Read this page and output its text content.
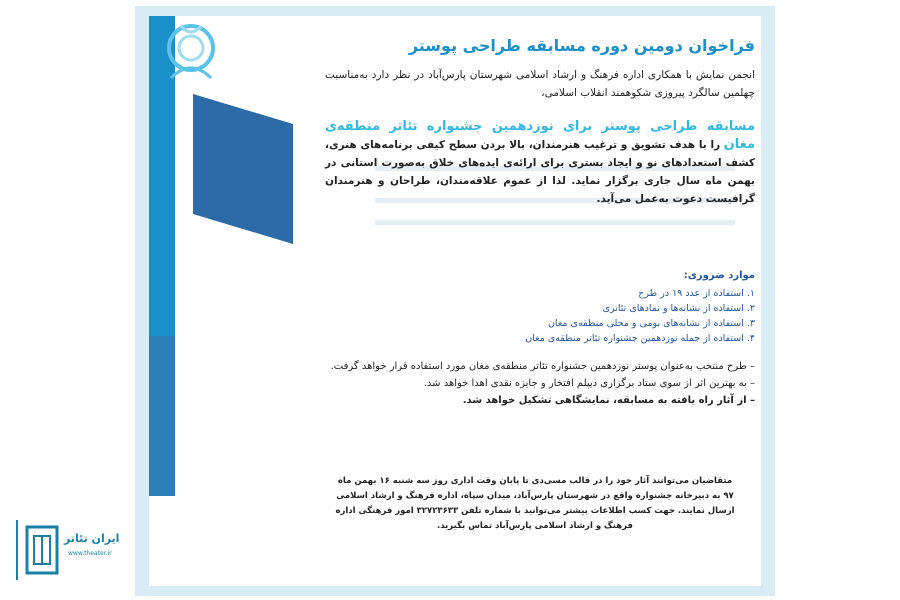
فراخوان دومین دوره مسابقه طراحی پوستر
انجمن نمایش با همکاری اداره فرهنگ و ارشاد اسلامی شهرستان پارس‌آباد در نظر دارد به‌مناسبت چهلمین سالگرد پیروزی شکوهمند انقلاب اسلامی،
مسابقه طراحی پوستر برای نوزدهمین جشنواره تئاتر منطقه‌ی مغان را با هدف تشویق و ترغیب هنرمندان، بالا بردن سطح کیفی برنامه‌های هنری، کشف استعدادهای نو و ایجاد بستری برای ارائه‌ی ایده‌های خلاق به‌صورت استانی در بهمن ماه سال جاری برگزار نماید. لذا از عموم علاقه‌مندان، طراحان و هنرمندان گرافیست دعوت به‌عمل می‌آید.
موارد ضروری:
۱. استفاده از عدد ۱۹ در طرح
۲. استفاده از نشانه‌ها و نمادهای تئاتری
۳. استفاده از نشانه‌های بومی و محلی منطقه‌ی مغان
۴. استفاده از جمله نوزدهمین جشنواره تئاتر منطقه‌ی مغان
– طرح منتخب به‌عنوان پوستر نوزدهمین جشنواره تئاتر منطقه‌ی مغان مورد استفاده قرار خواهد گرفت.
– به بهترین اثر از سوی ستاد برگزاری دیپلم افتخار و جایزه نقدی اهدا خواهد شد.
– از آثار راه یافته به مسابقه، نمایشگاهی تشکیل خواهد شد.
متقاضیان می‌توانند آثار خود را در قالب مسی‌دی تا پایان وقت اداری روز سه شنبه ۱۶ بهمن ماه ۹۷ به دبیرخانه جشنواره واقع در شهرستان پارس‌آباد، میدان سپاه، اداره فرهنگ و ارشاد اسلامی ارسال نمایند. جهت کسب اطلاعات بیشتر می‌توانید با شماره تلفن ۳۲۷۲۳۶۳۳ امور فرهنگی اداره فرهنگ و ارشاد اسلامی پارس‌آباد تماس بگیرید.
ایران تئاتر
www.theater.ir
